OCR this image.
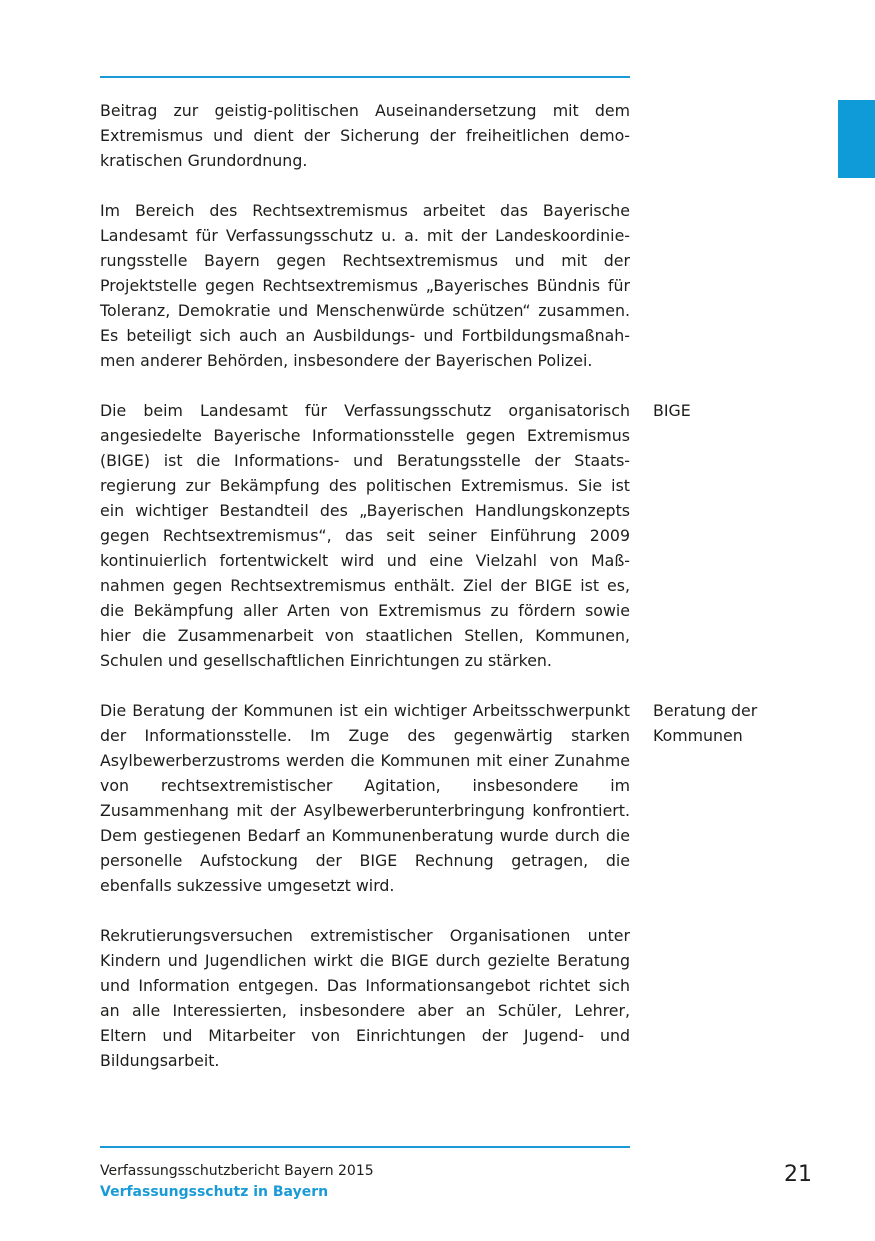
Beitrag zur geistig-politischen Auseinandersetzung mit dem Extremismus und dient der Sicherung der freiheitlichen demokratischen Grundordnung.

Im Bereich des Rechtsextremismus arbeitet das Bayerische Landesamt für Verfassungsschutz u. a. mit der Landeskoordinierungsstelle Bayern gegen Rechtsextremismus und mit der Projektstelle gegen Rechtsextremismus „Bayerisches Bündnis für Toleranz, Demokratie und Menschenwürde schützen“ zusammen. Es beteiligt sich auch an Ausbildungs- und Fortbildungsmaßnahmen anderer Behörden, insbesondere der Bayerischen Polizei.

Die beim Landesamt für Verfassungsschutz organisatorisch angesiedelte Bayerische Informationsstelle gegen Extremismus (BIGE) ist die Informations- und Beratungsstelle der Staatsregierung zur Bekämpfung des politischen Extremismus. Sie ist ein wichtiger Bestandteil des „Bayerischen Handlungskonzepts gegen Rechtsextremismus“, das seit seiner Einführung 2009 kontinuierlich fortentwickelt wird und eine Vielzahl von Maßnahmen gegen Rechtsextremismus enthält. Ziel der BIGE ist es, die Bekämpfung aller Arten von Extremismus zu fördern sowie hier die Zusammenarbeit von staatlichen Stellen, Kommunen, Schulen und gesellschaftlichen Einrichtungen zu stärken.

Die Beratung der Kommunen ist ein wichtiger Arbeitsschwerpunkt der Informationsstelle. Im Zuge des gegenwärtig starken Asylbewerberzustroms werden die Kommunen mit einer Zunahme von rechtsextremistischer Agitation, insbesondere im Zusammenhang mit der Asylbewerberunterbringung konfrontiert. Dem gestiegenen Bedarf an Kommunenberatung wurde durch die personelle Aufstockung der BIGE Rechnung getragen, die ebenfalls sukzessive umgesetzt wird.

Rekrutierungsversuchen extremistischer Organisationen unter Kindern und Jugendlichen wirkt die BIGE durch gezielte Beratung und Information entgegen. Das Informationsangebot richtet sich an alle Interessierten, insbesondere aber an Schüler, Lehrer, Eltern und Mitarbeiter von Einrichtungen der Jugend- und Bildungsarbeit.

BIGE

Beratung der
Kommunen
Verfassungsschutzbericht Bayern 2015
Verfassungsschutz in Bayern
21
